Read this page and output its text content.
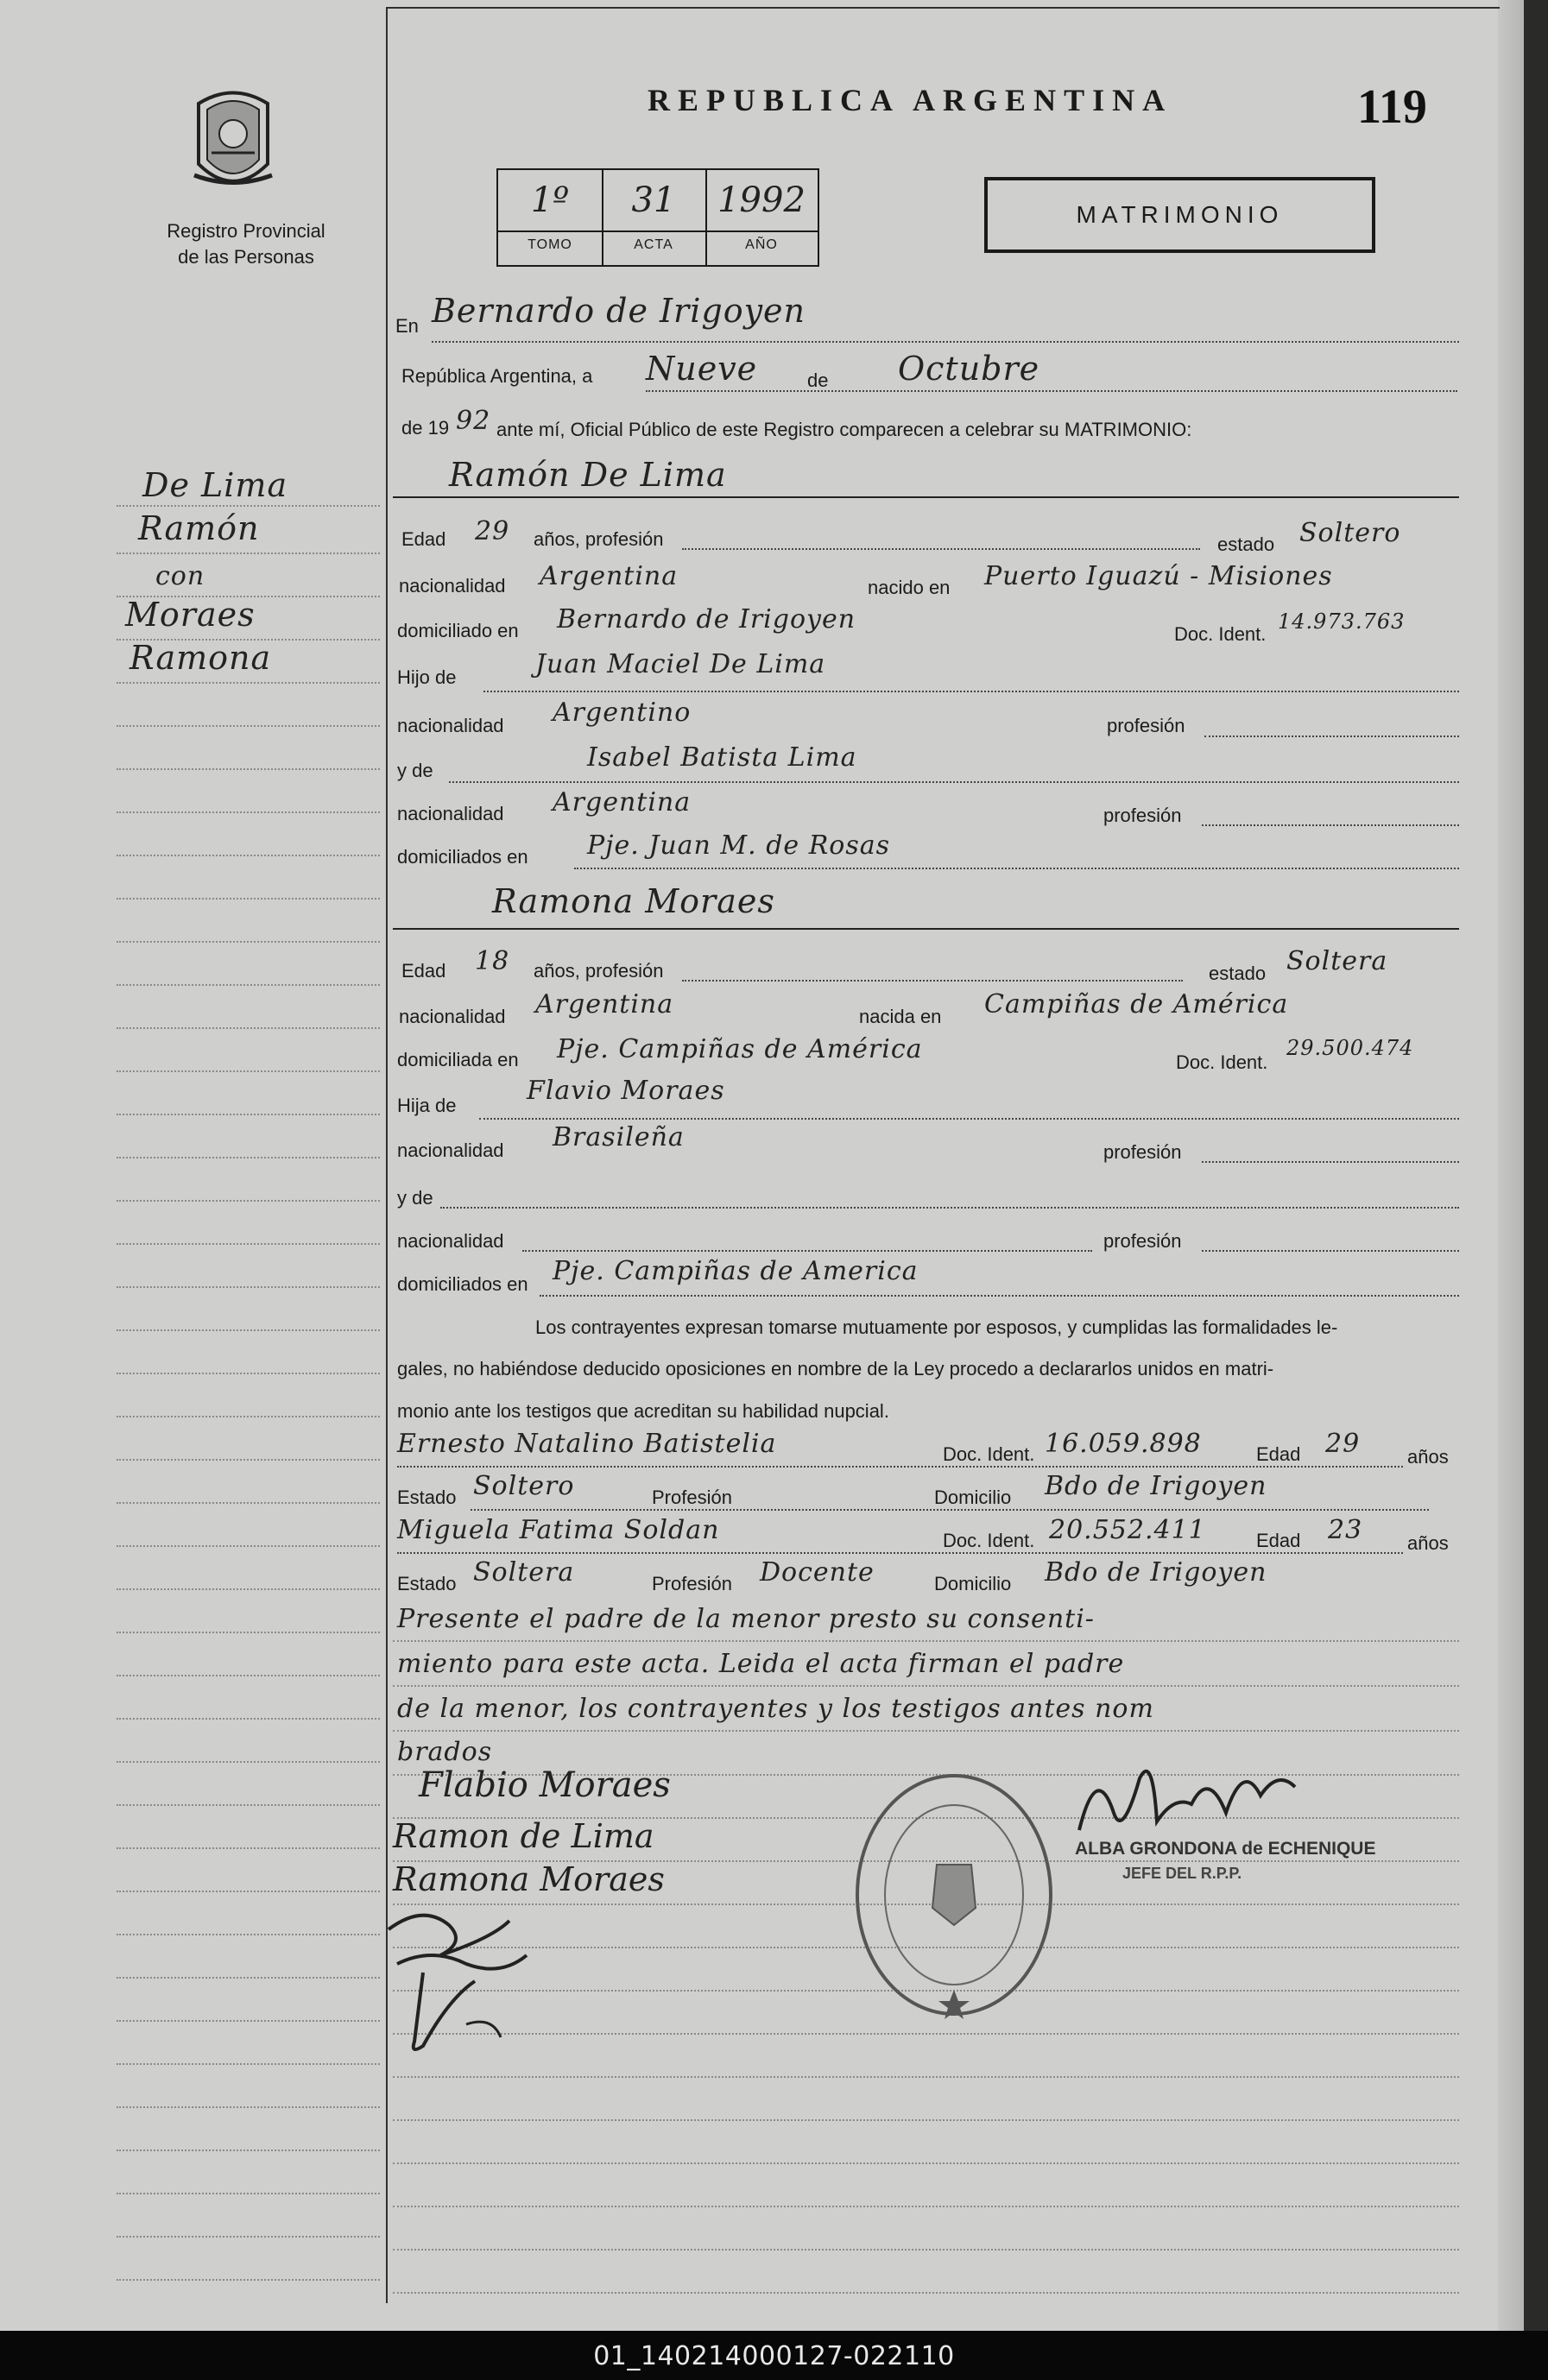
Registro Provincial
de las Personas
REPUBLICA ARGENTINA	119
1º	31	1992
TOMO	ACTA	AÑO
MATRIMONIO
De Lima
Ramón
con
Moraes
Ramona
En Bernardo de Irigoyen
República Argentina, a Nueve	de Octubre
de 19 92 ante mí, Oficial Público de este Registro comparecen a celebrar su MATRIMONIO:
Ramón De Lima
Edad 29 años, profesión	estado Soltero
nacionalidad Argentina	nacido en Puerto Iguazú - Misiones
domiciliado en Bernardo de Irigoyen	Doc. Ident.
14.973.763
Hijo de	Juan Maciel De Lima
nacionalidad Argentino	profesión
y de	Isabel Batista Lima
nacionalidad Argentina	profesión
domiciliados en Pje. Juan M. de Rosas
Ramona Moraes
Edad 18 años, profesión	estado Soltera
nacionalidad Argentina	nacida en Campiñas de América
domiciliada en Pje. Campiñas de América	Doc. Ident.
29.500.474
Hija de	Flavio Moraes
nacionalidad Brasileña	profesión
y de
nacionalidad	profesión
domiciliados en Pje. Campiñas de America
Los contrayentes expresan tomarse mutuamente por esposos, y cumplidas las formalidades le-
gales, no habiéndose deducido oposiciones en nombre de la Ley procedo a declararlos unidos en matri-
monio ante los testigos que acreditan su habilidad nupcial.
Ernesto Natalino Batistelia	Doc. Ident. 16.059.898	Edad 29 años
Estado Soltero	Profesión	Domicilio Bdo de Irigoyen
Miguela Fatima Soldan	Doc. Ident. 20.552.411	Edad 23 años
Estado Soltera	Profesión Docente	Domicilio Bdo de Irigoyen
Presente el padre de la menor presto su consenti-
miento para este acta. Leida el acta firman el padre
de la menor, los contrayentes y los testigos antes nom
brados
Flabio Moraes
Ramon de Lima
Ramona Moraes
ALBA GRONDONA de ECHENIQUE
JEFE DEL R.P.P.
01_140214000127-022110
